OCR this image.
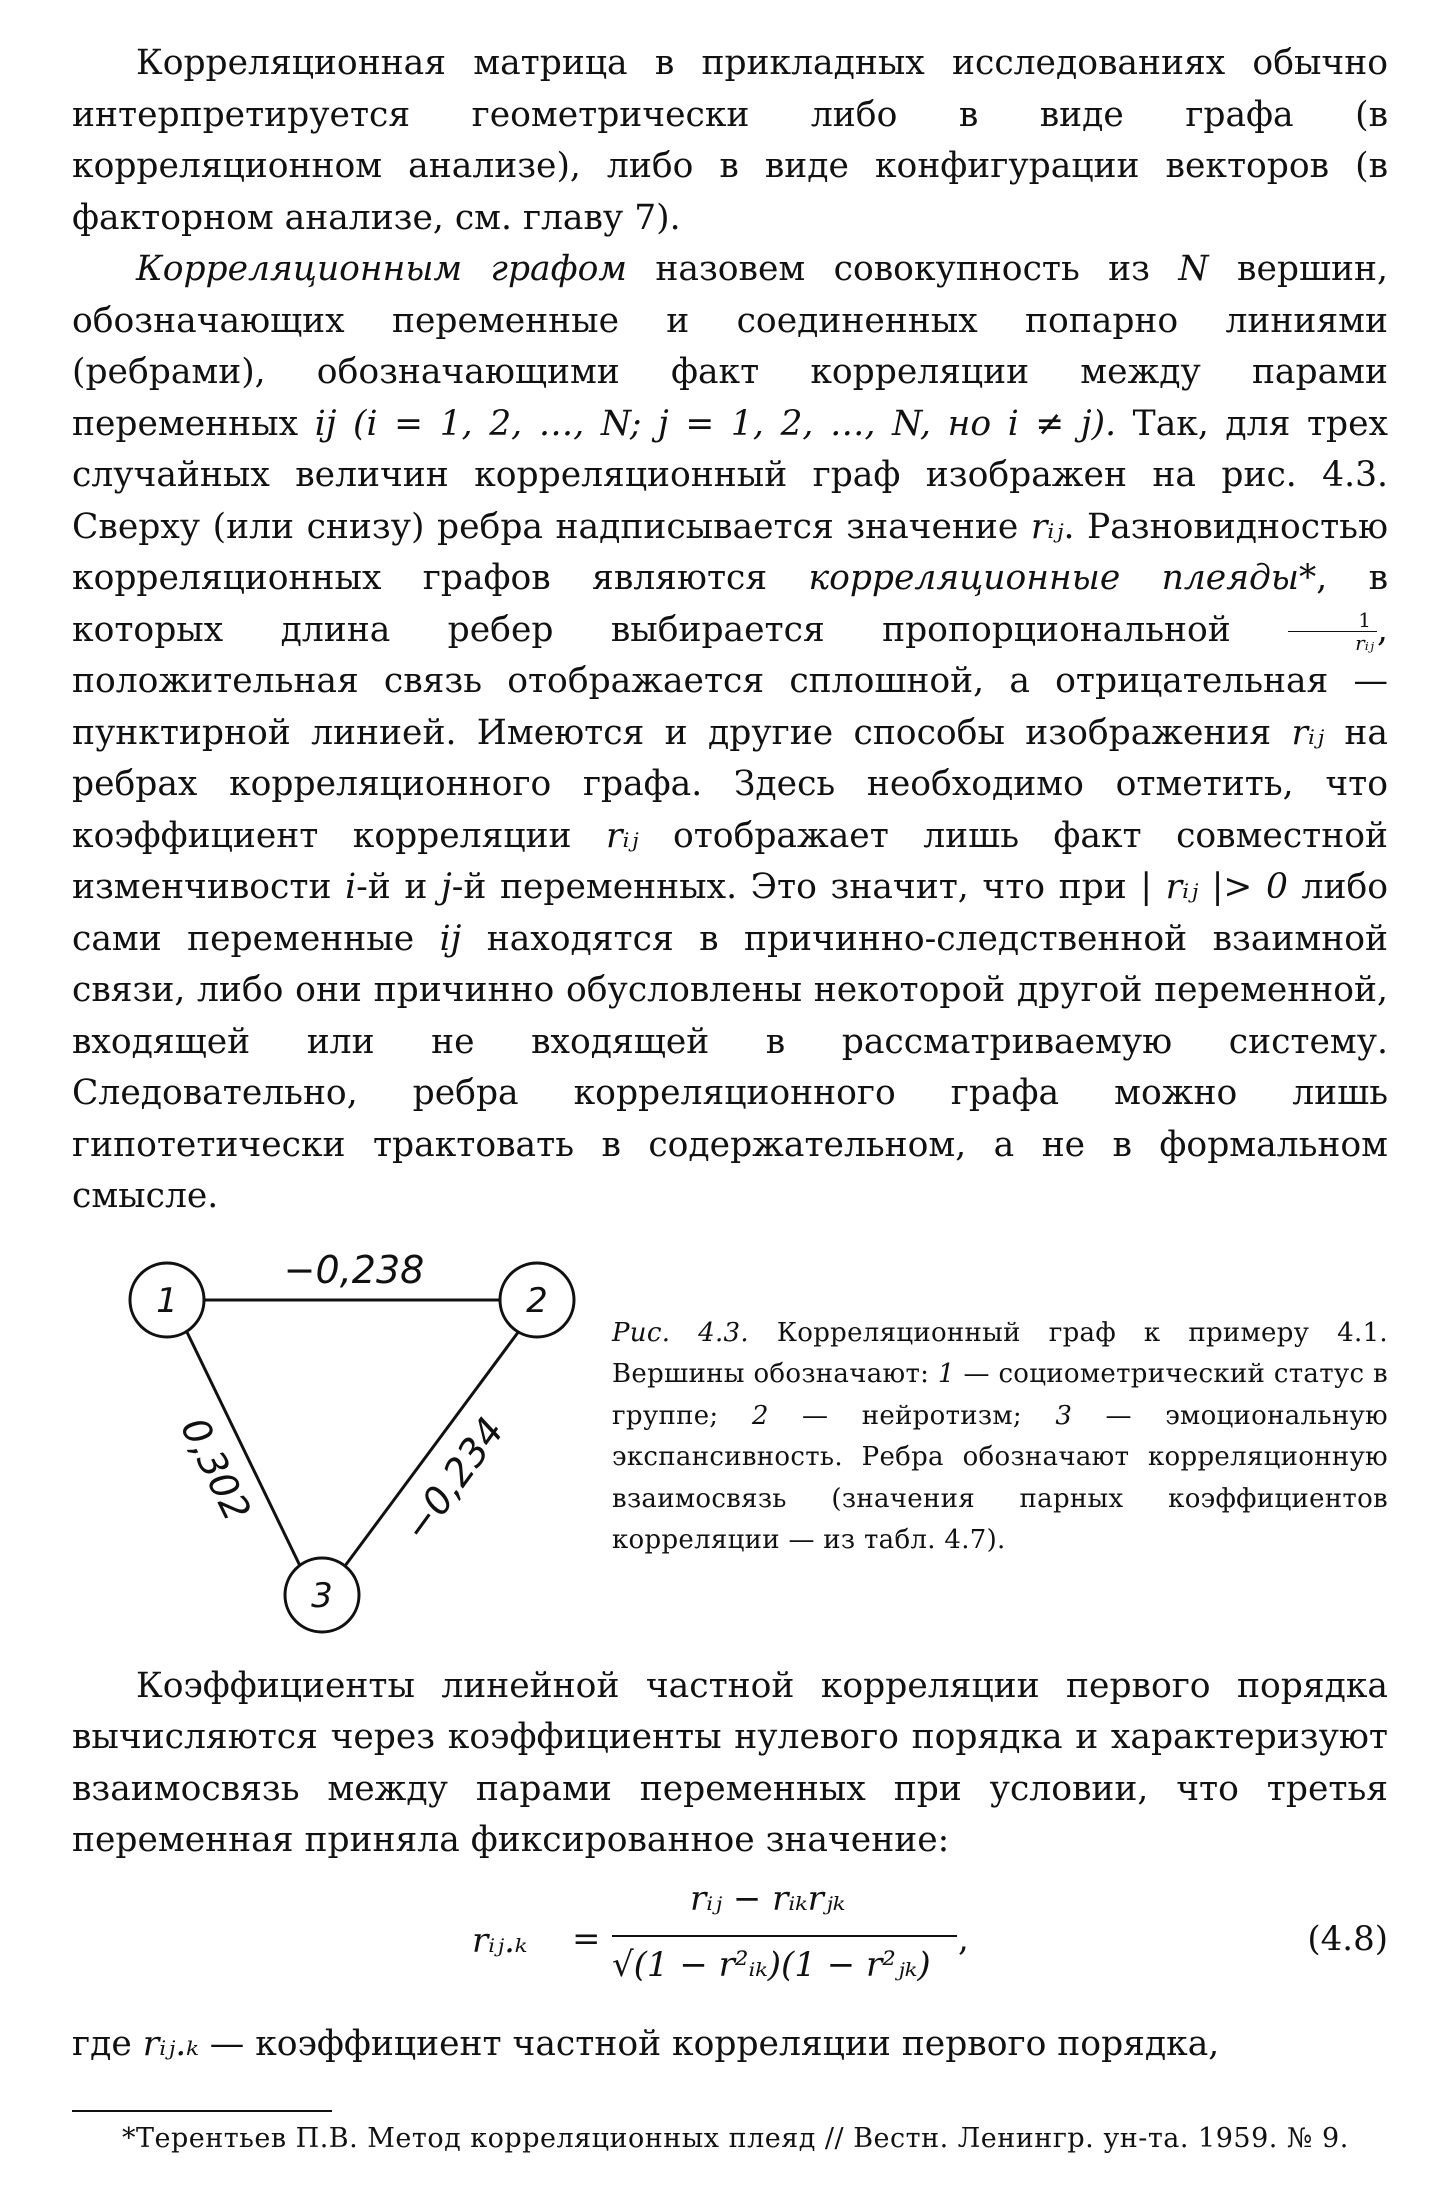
Корреляционная матрица в прикладных исследованиях обычно интерпретируется геометрически либо в виде графа (в корреляционном анализе), либо в виде конфигурации векторов (в факторном анализе, см. главу 7).

Корреляционным графом назовем совокупность из N вершин, обозначающих переменные и соединенных попарно линиями (ребрами), обозначающими факт корреляции между парами переменных ij (i = 1, 2, …, N; j = 1, 2, …, N, но i ≠ j). Так, для трех случайных величин корреляционный граф изображен на рис. 4.3. Сверху (или снизу) ребра надписывается значение rᵢⱼ. Разновидностью корреляционных графов являются корреляционные плеяды*, в которых длина ребер выбирается пропорциональной $\frac{1}{\text{rᵢⱼ}}$ , положительная связь отображается сплошной, а отрицательная — пунктирной линией. Имеются и другие способы изображения rᵢⱼ на ребрах корреляционного графа. Здесь необходимо отметить, что коэффициент корреляции rᵢⱼ отображает лишь факт совместной изменчивости i-й и j-й переменных. Это значит, что при | rᵢⱼ |> 0 либо сами переменные ij находятся в причинно-следственной взаимной связи, либо они причинно обусловлены некоторой другой переменной, входящей или не входящей в рассматриваемую систему. Следовательно, ребра корреляционного графа можно лишь гипотетически трактовать в содержательном, а не в формальном смысле.

1	2
3
−0,238
0,302	−0,234
Рис. 4.3. Корреляционный граф к примеру 4.1. Вершины обозначают: 1 — социометрический статус в группе; 2 — нейротизм; 3 — эмоциональную экспансивность. Ребра обозначают корреляционную взаимосвязь (значения парных коэффициентов корреляции — из табл. 4.7).

Коэффициенты линейной частной корреляции первого порядка вычисляются через коэффициенты нулевого порядка и характеризуют взаимосвязь между парами переменных при условии, что третья переменная приняла фиксированное значение:

rᵢⱼ.ₖ =
rᵢⱼ − rᵢₖrⱼₖ
√(1 − r²ᵢₖ)(1 − r²ⱼₖ)
,	(4.8)

где rᵢⱼ.ₖ — коэффициент частной корреляции первого порядка,

*Терентьев П.В. Метод корреляционных плеяд // Вестн. Ленингр. ун-та. 1959. № 9.
